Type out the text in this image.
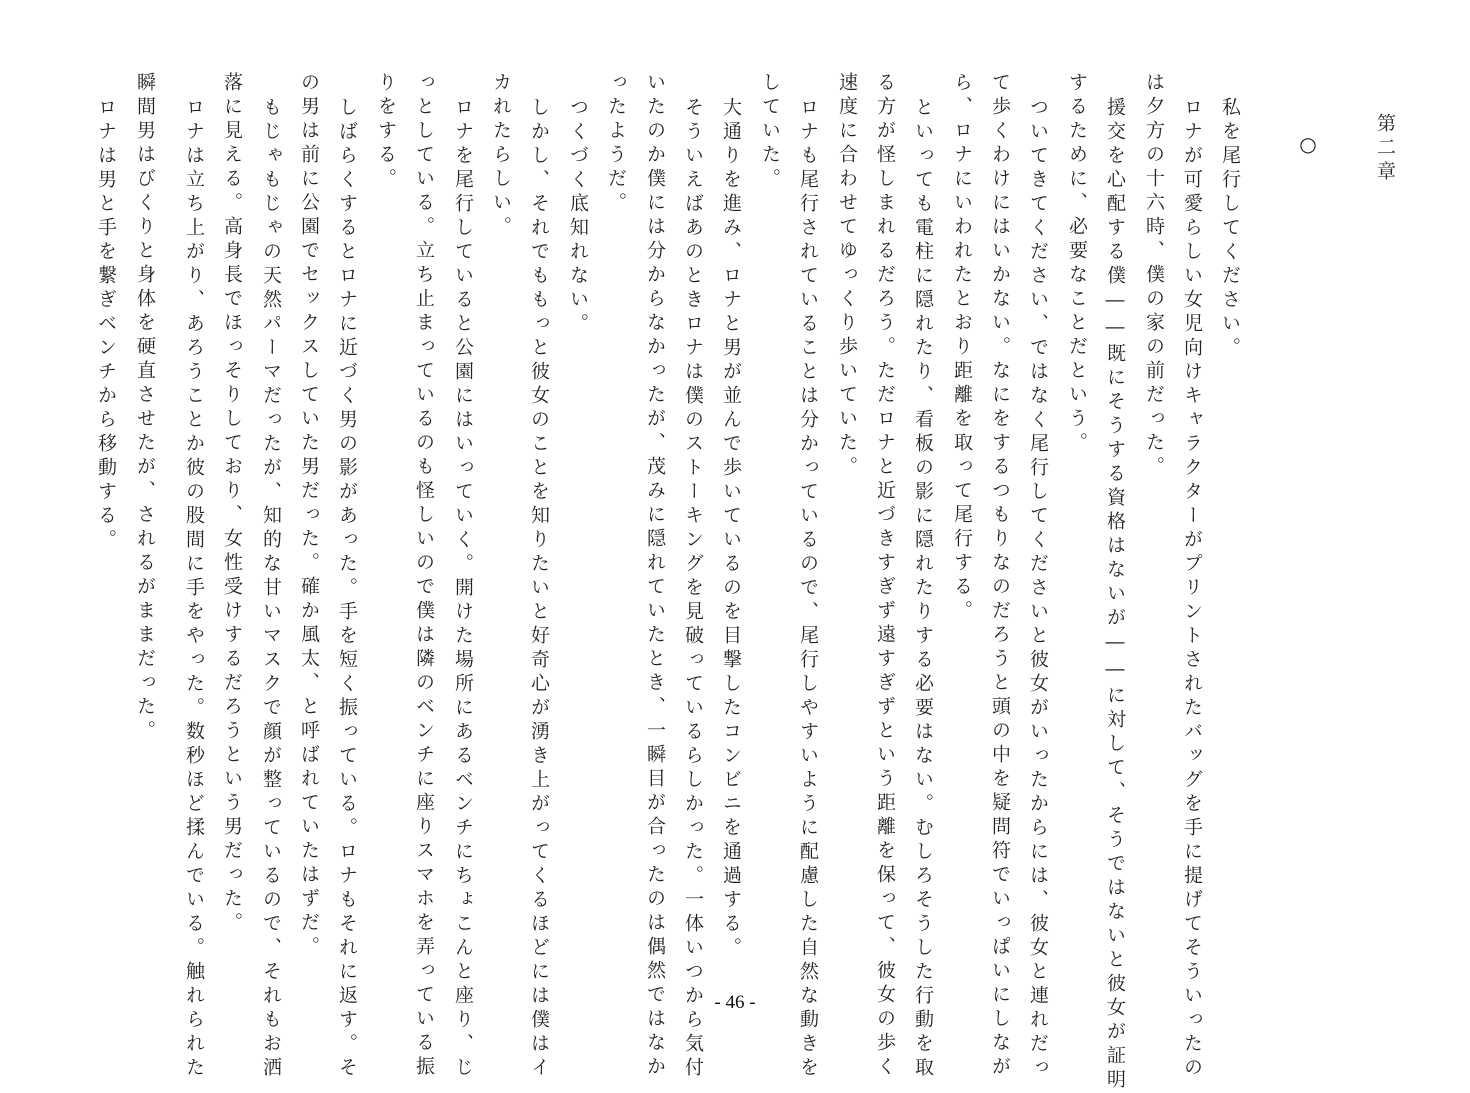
第二章
○
私を尾行してください。
ロナが可愛らしい女児向けキャラクターがプリントされたバッグを手に提げてそういったの
は夕方の十六時、僕の家の前だった。
援交を心配する僕――既にそうする資格はないが――に対して、そうではないと彼女が証明
するために、必要なことだという。
ついてきてください、ではなく尾行してくださいと彼女がいったからには、彼女と連れだっ
て歩くわけにはいかない。なにをするつもりなのだろうと頭の中を疑問符でいっぱいにしなが
ら、ロナにいわれたとおり距離を取って尾行する。
といっても電柱に隠れたり、看板の影に隠れたりする必要はない。むしろそうした行動を取
る方が怪しまれるだろう。ただロナと近づきすぎず遠すぎずという距離を保って、彼女の歩く
速度に合わせてゆっくり歩いていた。
ロナも尾行されていることは分かっているので、尾行しやすいように配慮した自然な動きを
していた。
大通りを進み、ロナと男が並んで歩いているのを目撃したコンビニを通過する。
そういえばあのときロナは僕のストーキングを見破っているらしかった。一体いつから気付
いたのか僕には分からなかったが、茂みに隠れていたとき、一瞬目が合ったのは偶然ではなか
ったようだ。
つくづく底知れない。
しかし、それでももっと彼女のことを知りたいと好奇心が湧き上がってくるほどには僕はイ
カれたらしい。
ロナを尾行していると公園にはいっていく。開けた場所にあるベンチにちょこんと座り、じ
っとしている。立ち止まっているのも怪しいので僕は隣のベンチに座りスマホを弄っている振
りをする。
しばらくするとロナに近づく男の影があった。手を短く振っている。ロナもそれに返す。そ
の男は前に公園でセックスしていた男だった。確か風太、と呼ばれていたはずだ。
もじゃもじゃの天然パーマだったが、知的な甘いマスクで顔が整っているので、それもお洒
落に見える。高身長でほっそりしており、女性受けするだろうという男だった。
ロナは立ち上がり、あろうことか彼の股間に手をやった。数秒ほど揉んでいる。触れられた
瞬間男はびくりと身体を硬直させたが、されるがままだった。
ロナは男と手を繋ぎベンチから移動する。
- 46 -
